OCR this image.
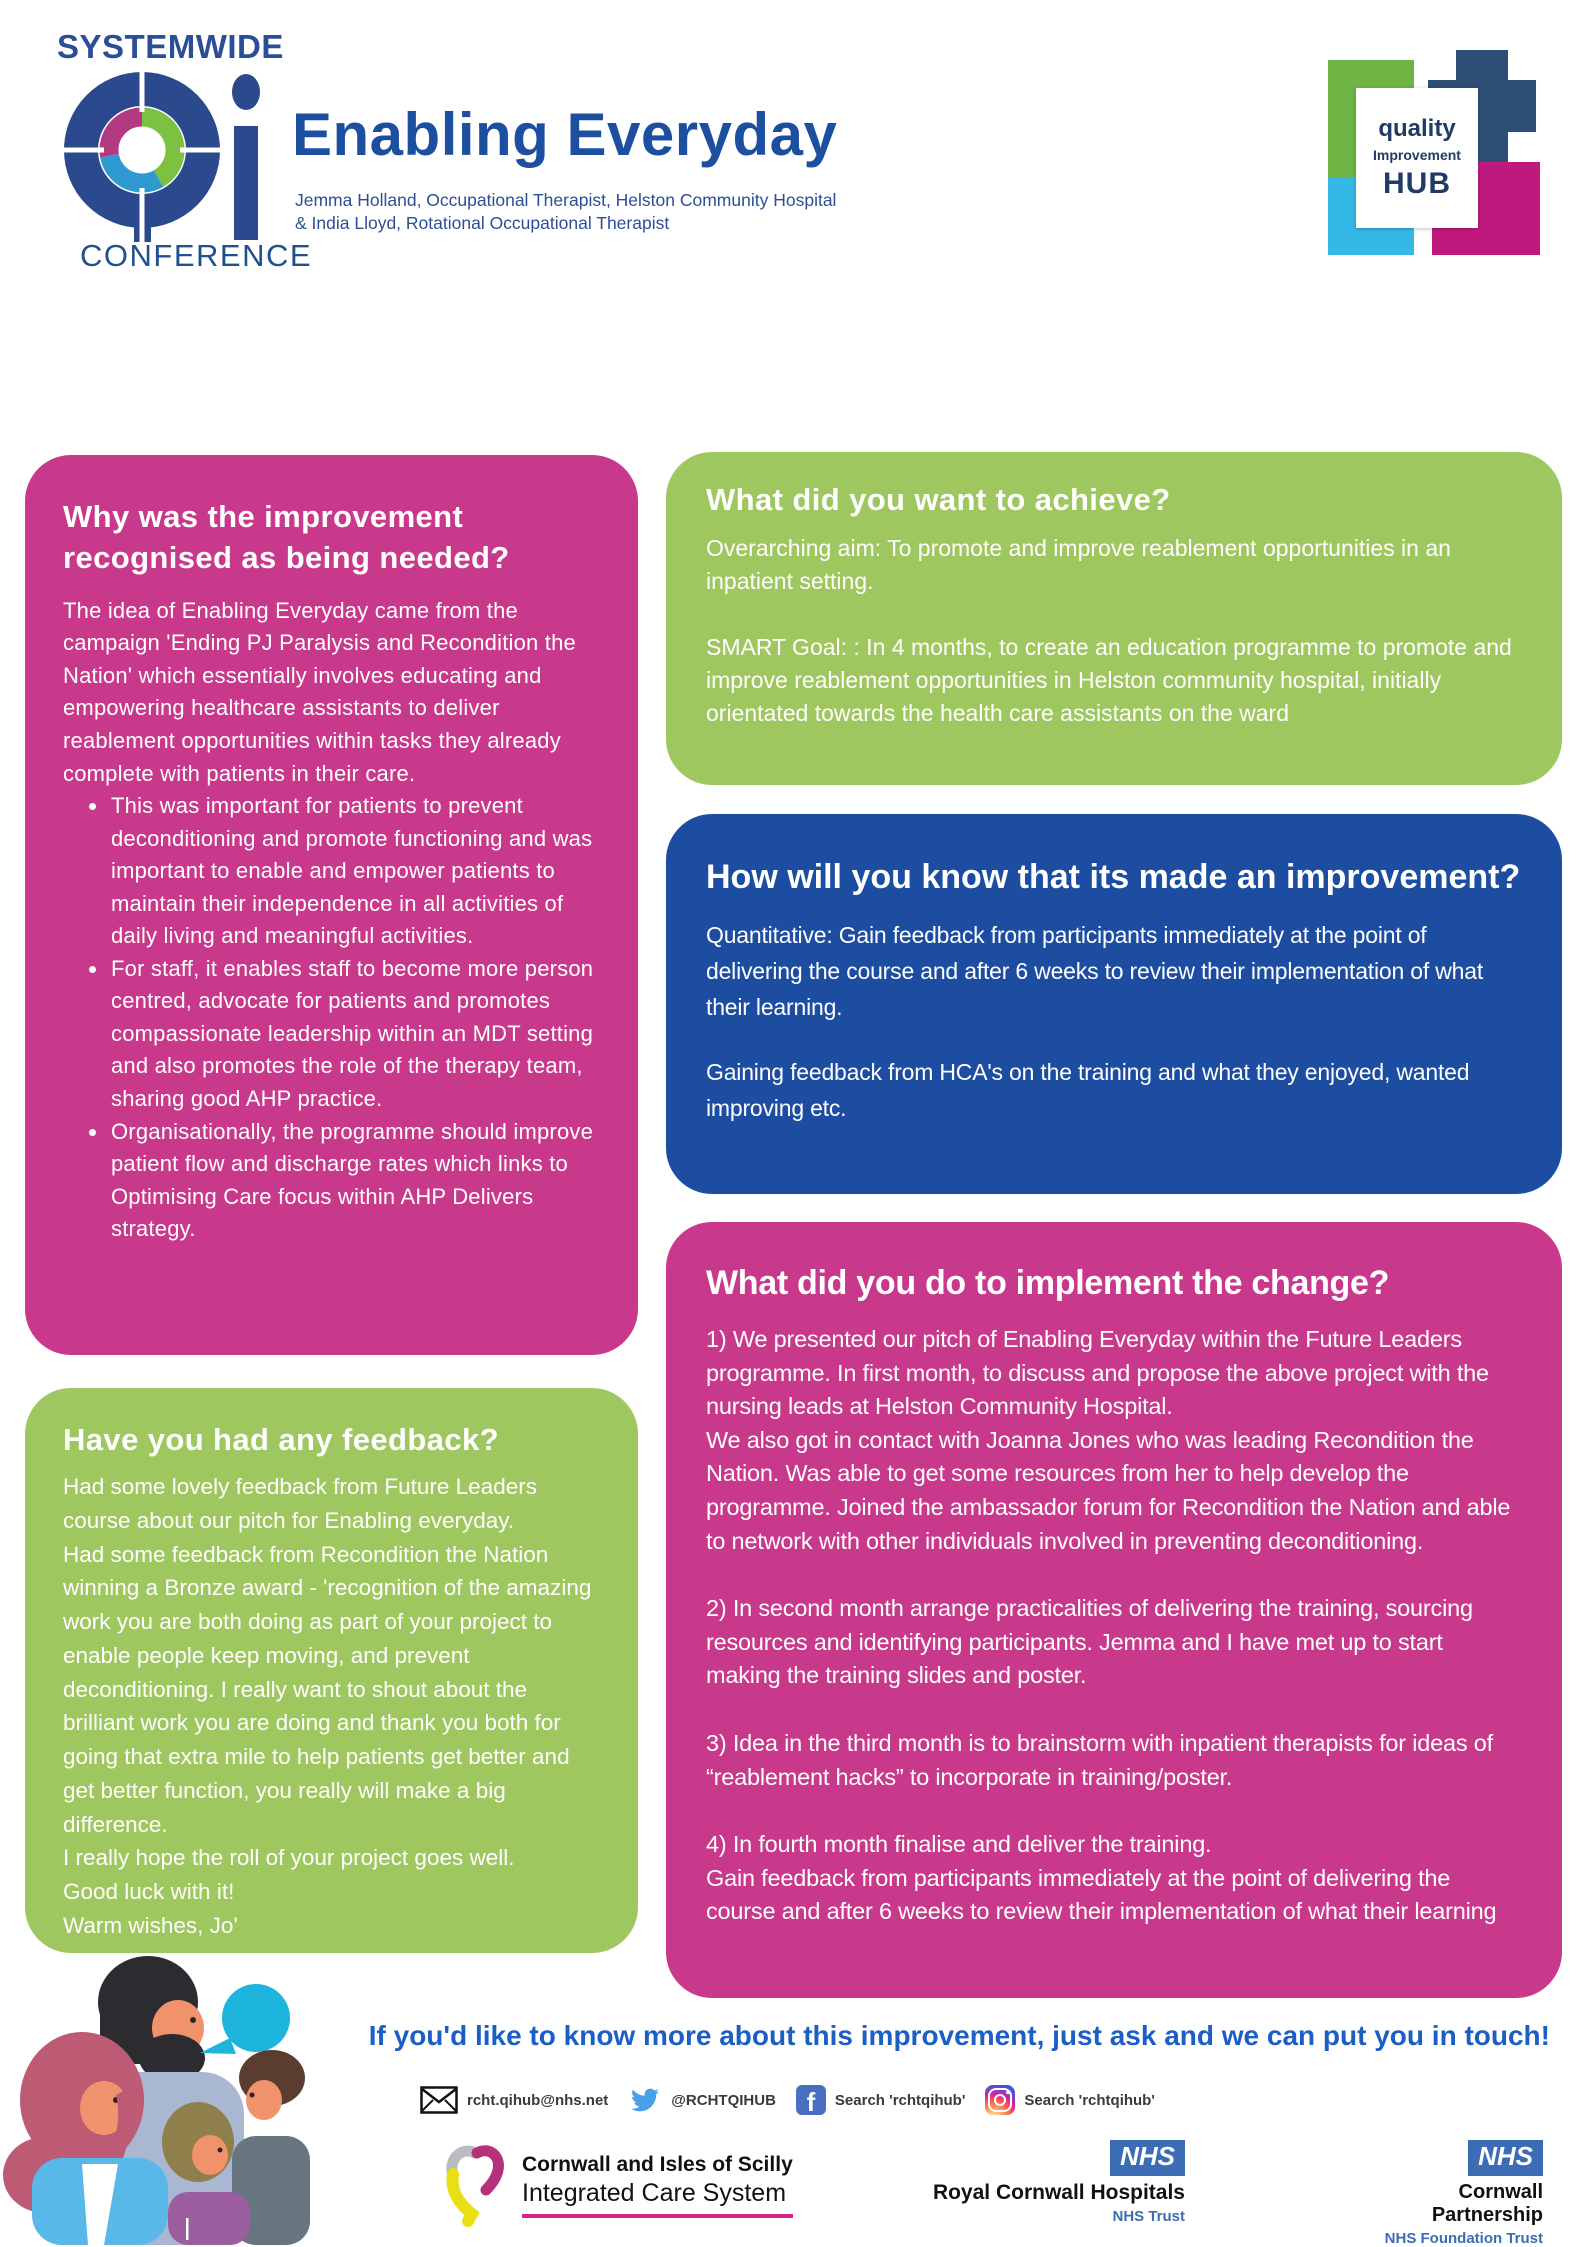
SYSTEMWIDE
CONFERENCE
Enabling Everyday
Jemma Holland, Occupational Therapist, Helston Community Hospital
& India Lloyd, Rotational Occupational Therapist
quality
Improvement
HUB
Why was the improvement recognised as being needed?
The idea of Enabling Everyday came from the campaign 'Ending PJ Paralysis and Recondition the Nation' which essentially involves educating and empowering healthcare assistants to deliver reablement opportunities within tasks they already complete with patients in their care.
• This was important for patients to prevent deconditioning and promote functioning and was important to enable and empower patients to maintain their independence in all activities of daily living and meaningful activities.
• For staff, it enables staff to become more person centred, advocate for patients and promotes compassionate leadership within an MDT setting and also promotes the role of the therapy team, sharing good AHP practice.
• Organisationally, the programme should improve patient flow and discharge rates which links to Optimising Care focus within AHP Delivers strategy.
What did you want to achieve?

Overarching aim: To promote and improve reablement opportunities in an inpatient setting.

SMART Goal: : In 4 months, to create an education programme to promote and improve reablement opportunities in Helston community hospital, initially orientated towards the health care assistants on the ward

How will you know that its made an improvement?

Quantitative: Gain feedback from participants immediately at the point of delivering the course and after 6 weeks to review their implementation of what their learning.

Gaining feedback from HCA's on the training and what they enjoyed, wanted improving etc.

What did you do to implement the change?

1) We presented our pitch of Enabling Everyday within the Future Leaders programme. In first month, to discuss and propose the above project with the nursing leads at Helston Community Hospital.

We also got in contact with Joanna Jones who was leading Recondition the Nation. Was able to get some resources from her to help develop the programme. Joined the ambassador forum for Recondition the Nation and able to network with other individuals involved in preventing deconditioning.

2) In second month arrange practicalities of delivering the training, sourcing resources and identifying participants. Jemma and I have met up to start making the training slides and poster.

3) Idea in the third month is to brainstorm with inpatient therapists for ideas of “reablement hacks” to incorporate in training/poster.

4) In fourth month finalise and deliver the training.

Gain feedback from participants immediately at the point of delivering the course and after 6 weeks to review their implementation of what their learning

Have you had any feedback?

Had some lovely feedback from Future Leaders course about our pitch for Enabling everyday.

Had some feedback from Recondition the Nation winning a Bronze award - 'recognition of the amazing work you are both doing as part of your project to enable people keep moving, and prevent deconditioning. I really want to shout about the brilliant work you are doing and thank you both for going that extra mile to help patients get better and get better function, you really will make a big difference.

I really hope the roll of your project goes well.

Good luck with it!

Warm wishes, Jo'

If you'd like to know more about this improvement, just ask and we can put you in touch!
rcht.qihub@nhs.net	@RCHTQIHUB	f	Search 'rchtqihub'	Search 'rchtqihub'
Cornwall and Isles of Scilly
Integrated Care System
NHS
Royal Cornwall Hospitals
NHS Trust
NHS
Cornwall Partnership
NHS Foundation Trust
